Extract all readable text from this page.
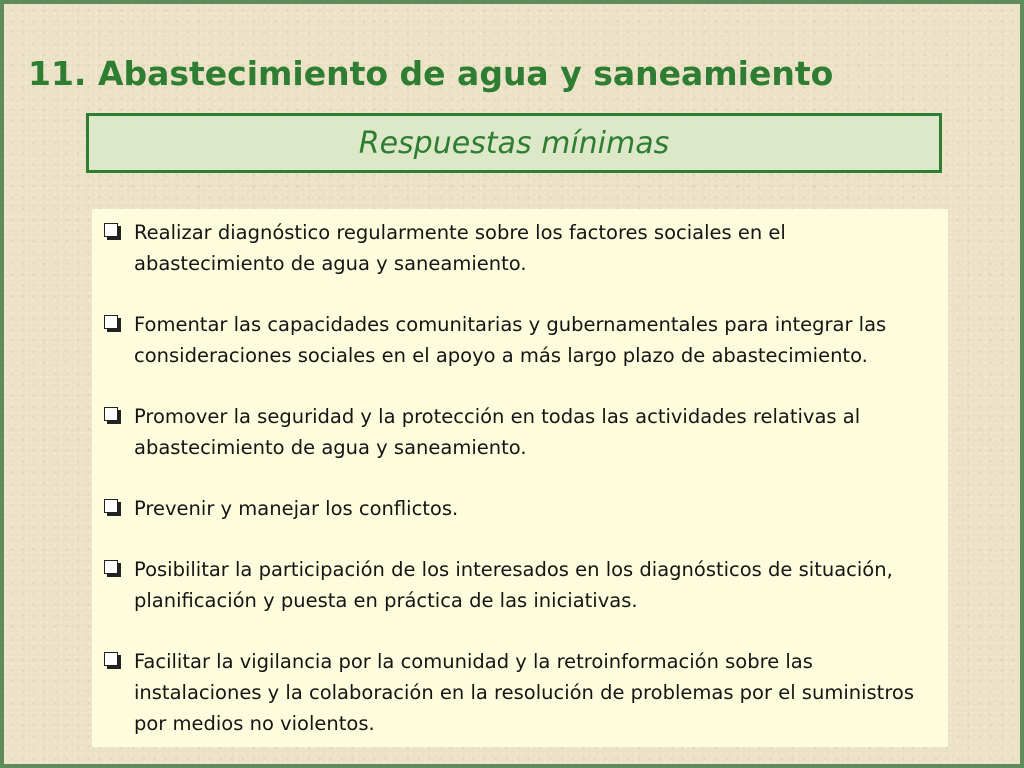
11. Abastecimiento de agua y saneamiento
Respuestas mínimas
Realizar diagnóstico regularmente sobre los factores sociales en el abastecimiento de agua y saneamiento.
Fomentar las capacidades comunitarias y gubernamentales para integrar las consideraciones sociales en el apoyo a más largo plazo de abastecimiento.
Promover la seguridad y la protección en todas las actividades relativas al abastecimiento de agua y saneamiento.
Prevenir y manejar los conflictos.
Posibilitar la participación de los interesados en los diagnósticos de situación, planificación y puesta en práctica de las iniciativas.
Facilitar la vigilancia por la comunidad y la retroinformación sobre las instalaciones y la colaboración en la resolución de problemas por el suministros por medios no violentos.
